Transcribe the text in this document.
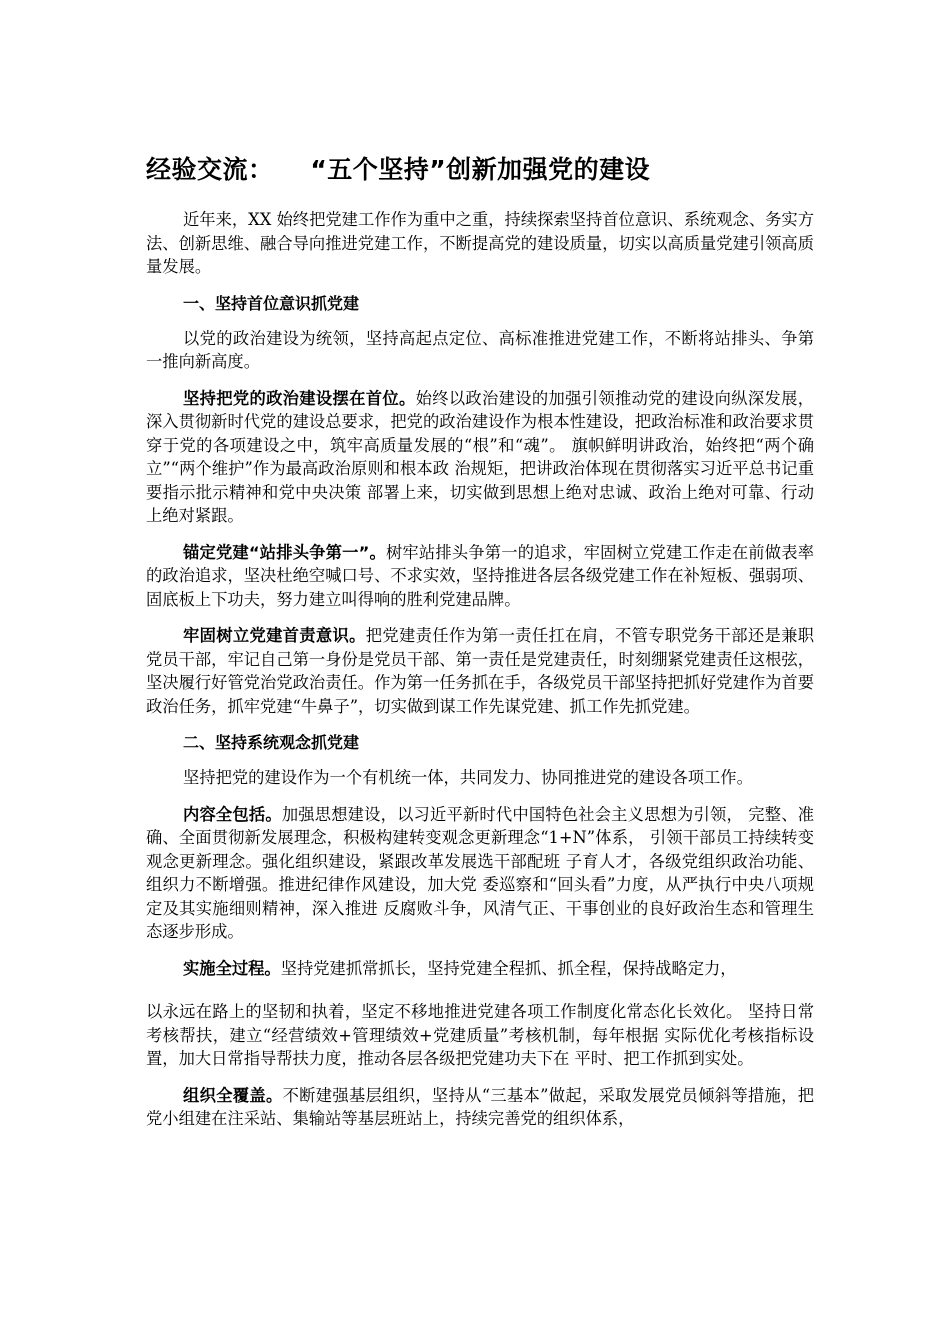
经验交流：    “五个坚持”创新加强党的建设

近年来，XX 始终把党建工作作为重中之重，持续探索坚持首位意识、系统观念、务实方法、创新思维、融合导向推进党建工作，不断提高党的建设质量，切实以高质量党建引领高质量发展。

一、坚持首位意识抓党建

以党的政治建设为统领，坚持高起点定位、高标准推进党建工作，不断将站排头、争第一推向新高度。

坚持把党的政治建设摆在首位。始终以政治建设的加强引领推动党的建设向纵深发展，深入贯彻新时代党的建设总要求，把党的政治建设作为根本性建设，把政治标准和政治要求贯穿于党的各项建设之中，筑牢高质量发展的“根”和“魂”。 旗帜鲜明讲政治，始终把“两个确立”“两个维护”作为最高政治原则和根本政 治规矩，把讲政治体现在贯彻落实习近平总书记重要指示批示精神和党中央决策 部署上来，切实做到思想上绝对忠诚、政治上绝对可靠、行动上绝对紧跟。

锚定党建“站排头争第一”。树牢站排头争第一的追求，牢固树立党建工作走在前做表率的政治追求，坚决杜绝空喊口号、不求实效，坚持推进各层各级党建工作在补短板、强弱项、固底板上下功夫，努力建立叫得响的胜利党建品牌。

牢固树立党建首责意识。把党建责任作为第一责任扛在肩，不管专职党务干部还是兼职党员干部，牢记自己第一身份是党员干部、第一责任是党建责任，时刻绷紧党建责任这根弦，坚决履行好管党治党政治责任。作为第一任务抓在手，各级党员干部坚持把抓好党建作为首要政治任务，抓牢党建“牛鼻子”，切实做到谋工作先谋党建、抓工作先抓党建。

二、坚持系统观念抓党建

坚持把党的建设作为一个有机统一体，共同发力、协同推进党的建设各项工作。

内容全包括。加强思想建设，以习近平新时代中国特色社会主义思想为引领， 完整、准确、全面贯彻新发展理念，积极构建转变观念更新理念“1+N”体系， 引领干部员工持续转变观念更新理念。强化组织建设，紧跟改革发展选干部配班 子育人才，各级党组织政治功能、组织力不断增强。推进纪律作风建设，加大党 委巡察和“回头看”力度，从严执行中央八项规定及其实施细则精神，深入推进 反腐败斗争，风清气正、干事创业的良好政治生态和管理生态逐步形成。

实施全过程。坚持党建抓常抓长，坚持党建全程抓、抓全程，保持战略定力，

以永远在路上的坚韧和执着，坚定不移地推进党建各项工作制度化常态化长效化。 坚持日常考核帮扶，建立“经营绩效+管理绩效+党建质量”考核机制，每年根据 实际优化考核指标设置，加大日常指导帮扶力度，推动各层各级把党建功夫下在 平时、把工作抓到实处。

组织全覆盖。不断建强基层组织，坚持从“三基本”做起，采取发展党员倾斜等措施，把党小组建在注采站、集输站等基层班站上，持续完善党的组织体系，
